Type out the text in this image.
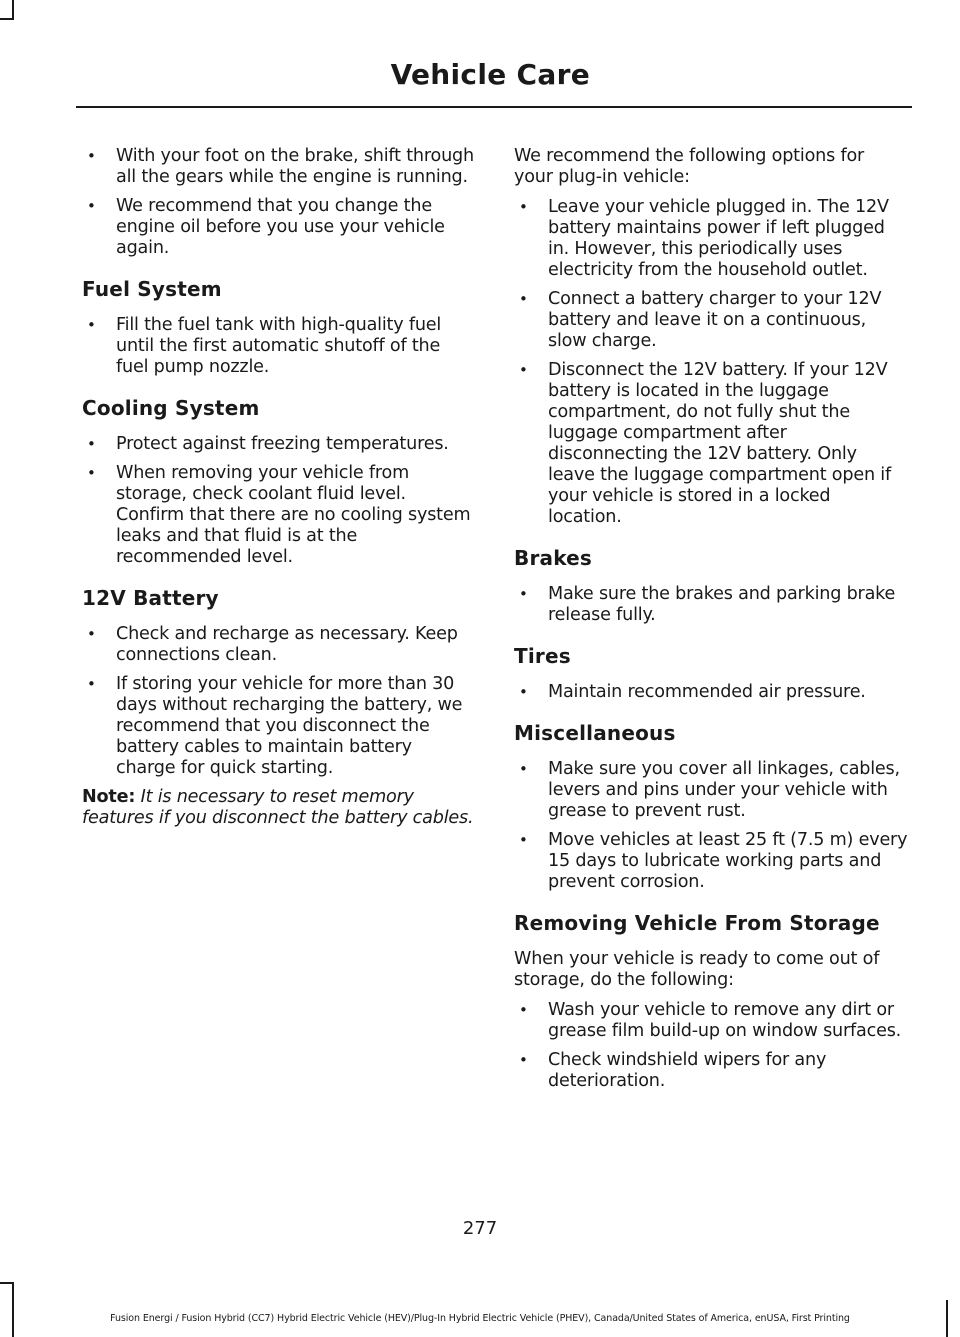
Vehicle Care
• With your foot on the brake, shift through all the gears while the engine is running.
• We recommend that you change the engine oil before you use your vehicle again.
Fuel System
• Fill the fuel tank with high-quality fuel until the first automatic shutoff of the fuel pump nozzle.
Cooling System
• Protect against freezing temperatures.
• When removing your vehicle from storage, check coolant fluid level. Confirm that there are no cooling system leaks and that fluid is at the recommended level.
12V Battery
• Check and recharge as necessary. Keep connections clean.
• If storing your vehicle for more than 30 days without recharging the battery, we recommend that you disconnect the battery cables to maintain battery charge for quick starting.

Note: It is necessary to reset memory features if you disconnect the battery cables.

We recommend the following options for your plug-in vehicle:

• Leave your vehicle plugged in. The 12V battery maintains power if left plugged in. However, this periodically uses electricity from the household outlet.
• Connect a battery charger to your 12V battery and leave it on a continuous, slow charge.
• Disconnect the 12V battery. If your 12V battery is located in the luggage compartment, do not fully shut the luggage compartment after disconnecting the 12V battery. Only leave the luggage compartment open if your vehicle is stored in a locked location.
Brakes
• Make sure the brakes and parking brake release fully.
Tires
• Maintain recommended air pressure.
Miscellaneous
• Make sure you cover all linkages, cables, levers and pins under your vehicle with grease to prevent rust.
• Move vehicles at least 25 ft (7.5 m) every 15 days to lubricate working parts and prevent corrosion.
Removing Vehicle From Storage

When your vehicle is ready to come out of storage, do the following:

• Wash your vehicle to remove any dirt or grease film build-up on window surfaces.
• Check windshield wipers for any deterioration.
277
Fusion Energi / Fusion Hybrid (CC7) Hybrid Electric Vehicle (HEV)/Plug-In Hybrid Electric Vehicle (PHEV), Canada/United States of America, enUSA, First Printing
